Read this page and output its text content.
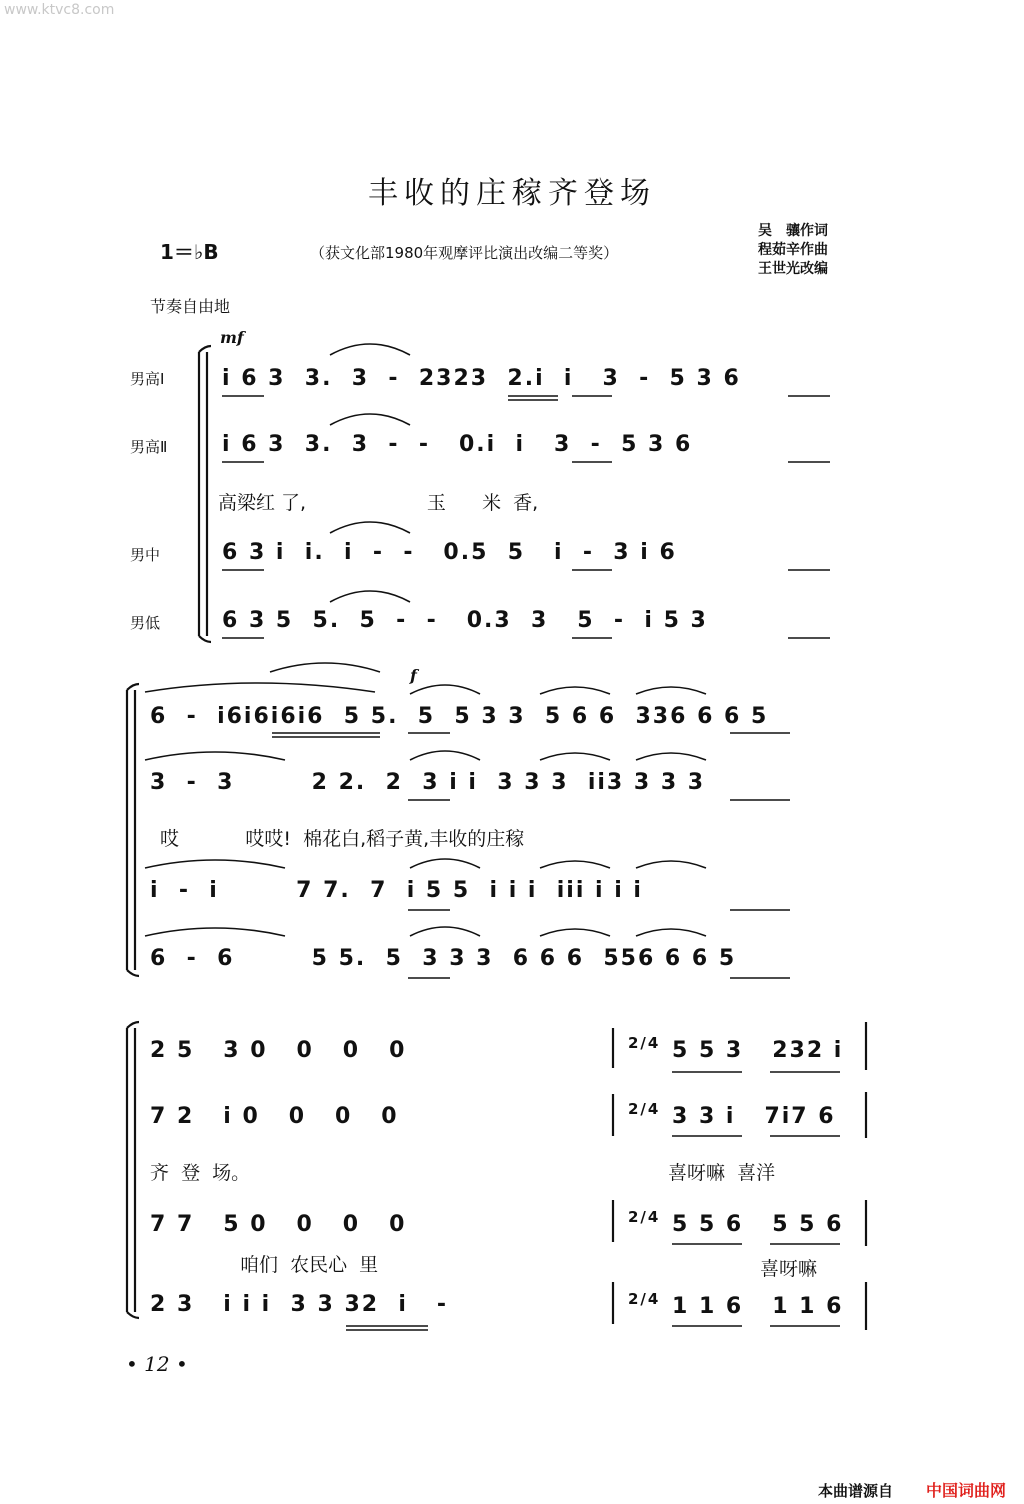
www.ktvc8.com
丰收的庄稼齐登场
1＝♭B	（获文化部1980年观摩评比演出改编二等奖）
吴　骧作词
程茹辛作曲
王世光改编
节奏自由地
mf
男高Ⅰ
男高Ⅱ
男中
男低
i 6 3  3.  3  -  2323  2.i  i   3  -  5 3 6
i 6 3  3.  3  -  -   0.i  i   3  -  5 3 6
高梁红 了,                    玉      米  香,
6 3 i  i.  i  -  -   0.5  5   i  -  3 i 6
6 3 5  5.  5  -  -   0.3  3   5  -  i 5 3
f
6  -  i6i6i6i6  5 5.  5  5 3 3  5 6 6  336 6 6 5
3  -  3        2 2.  2  3 i i  3 3 3  ii3 3 3 3
哎           哎哎!  棉花白,稻子黄,丰收的庄稼
i  -  i        7 7.  7  i 5 5  i i i  iii i i i
6  -  6        5 5.  5  3 3 3  6 6 6  556 6 6 5
2 5   3 0   0   0   0	5 5 3   232 i
7 2   i 0   0   0   0	3 3 i   7i7 6
齐  登  场。	喜呀嘛  喜洋
7 7   5 0   0   0   0	5 5 6   5 5 6
咱们  农民心  里	喜呀嘛
2 3   i i i  3 3 32  i   -	1 1 6   1 1 6
2/4
2/4
2/4
2/4
• 12 •
本曲谱源自 中国词曲网
